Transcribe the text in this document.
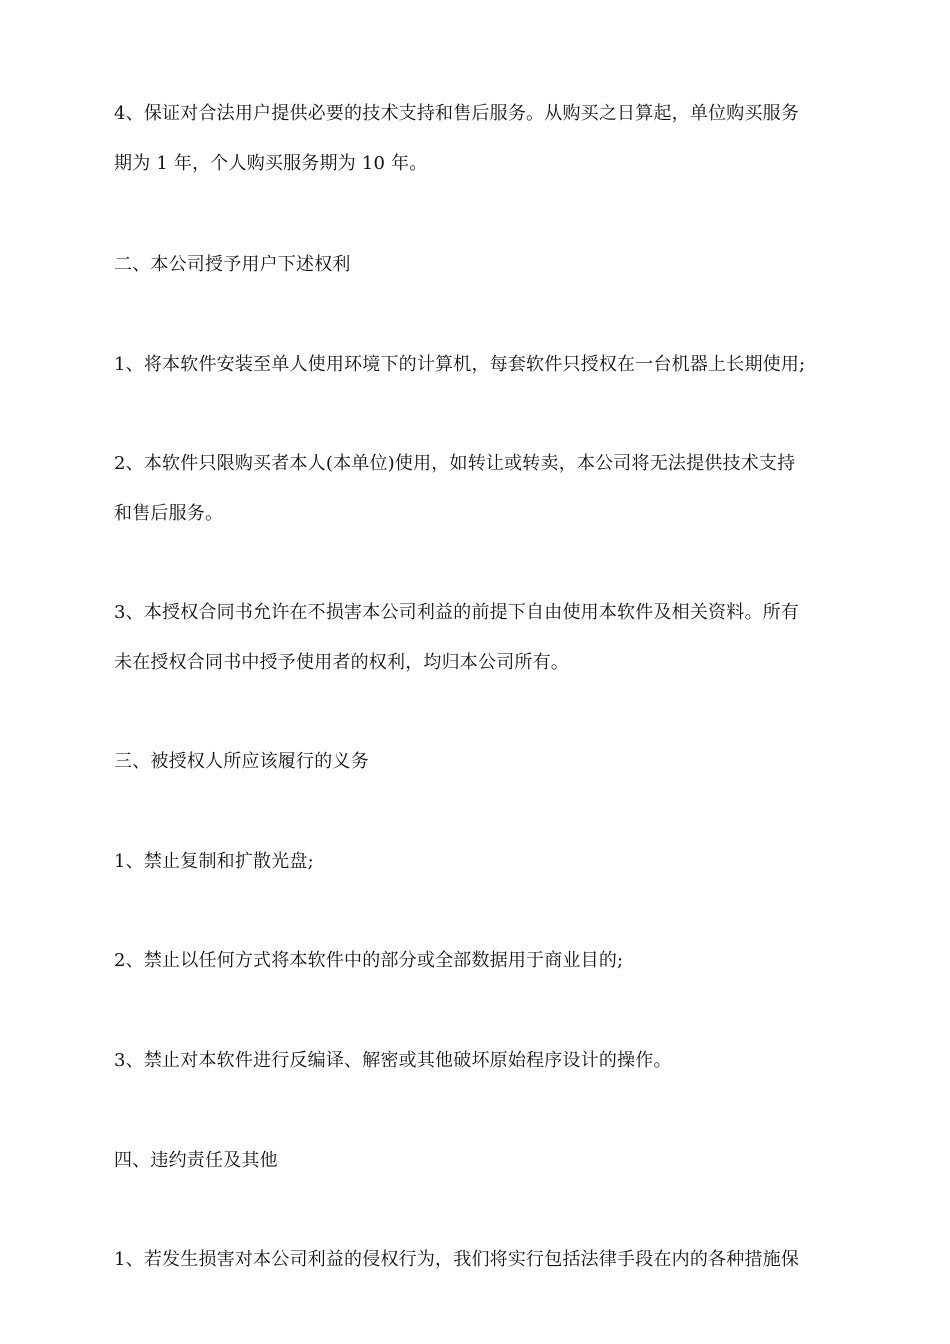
4、保证对合法用户提供必要的技术支持和售后服务。从购买之日算起，单位购买服务
期为 1 年，个人购买服务期为 10 年。
二、本公司授予用户下述权利
1、将本软件安装至单人使用环境下的计算机，每套软件只授权在一台机器上长期使用;
2、本软件只限购买者本人(本单位)使用，如转让或转卖，本公司将无法提供技术支持
和售后服务。
3、本授权合同书允许在不损害本公司利益的前提下自由使用本软件及相关资料。所有
未在授权合同书中授予使用者的权利，均归本公司所有。
三、被授权人所应该履行的义务
1、禁止复制和扩散光盘;
2、禁止以任何方式将本软件中的部分或全部数据用于商业目的;
3、禁止对本软件进行反编译、解密或其他破坏原始程序设计的操作。
四、违约责任及其他
1、若发生损害对本公司利益的侵权行为，我们将实行包括法律手段在内的各种措施保
